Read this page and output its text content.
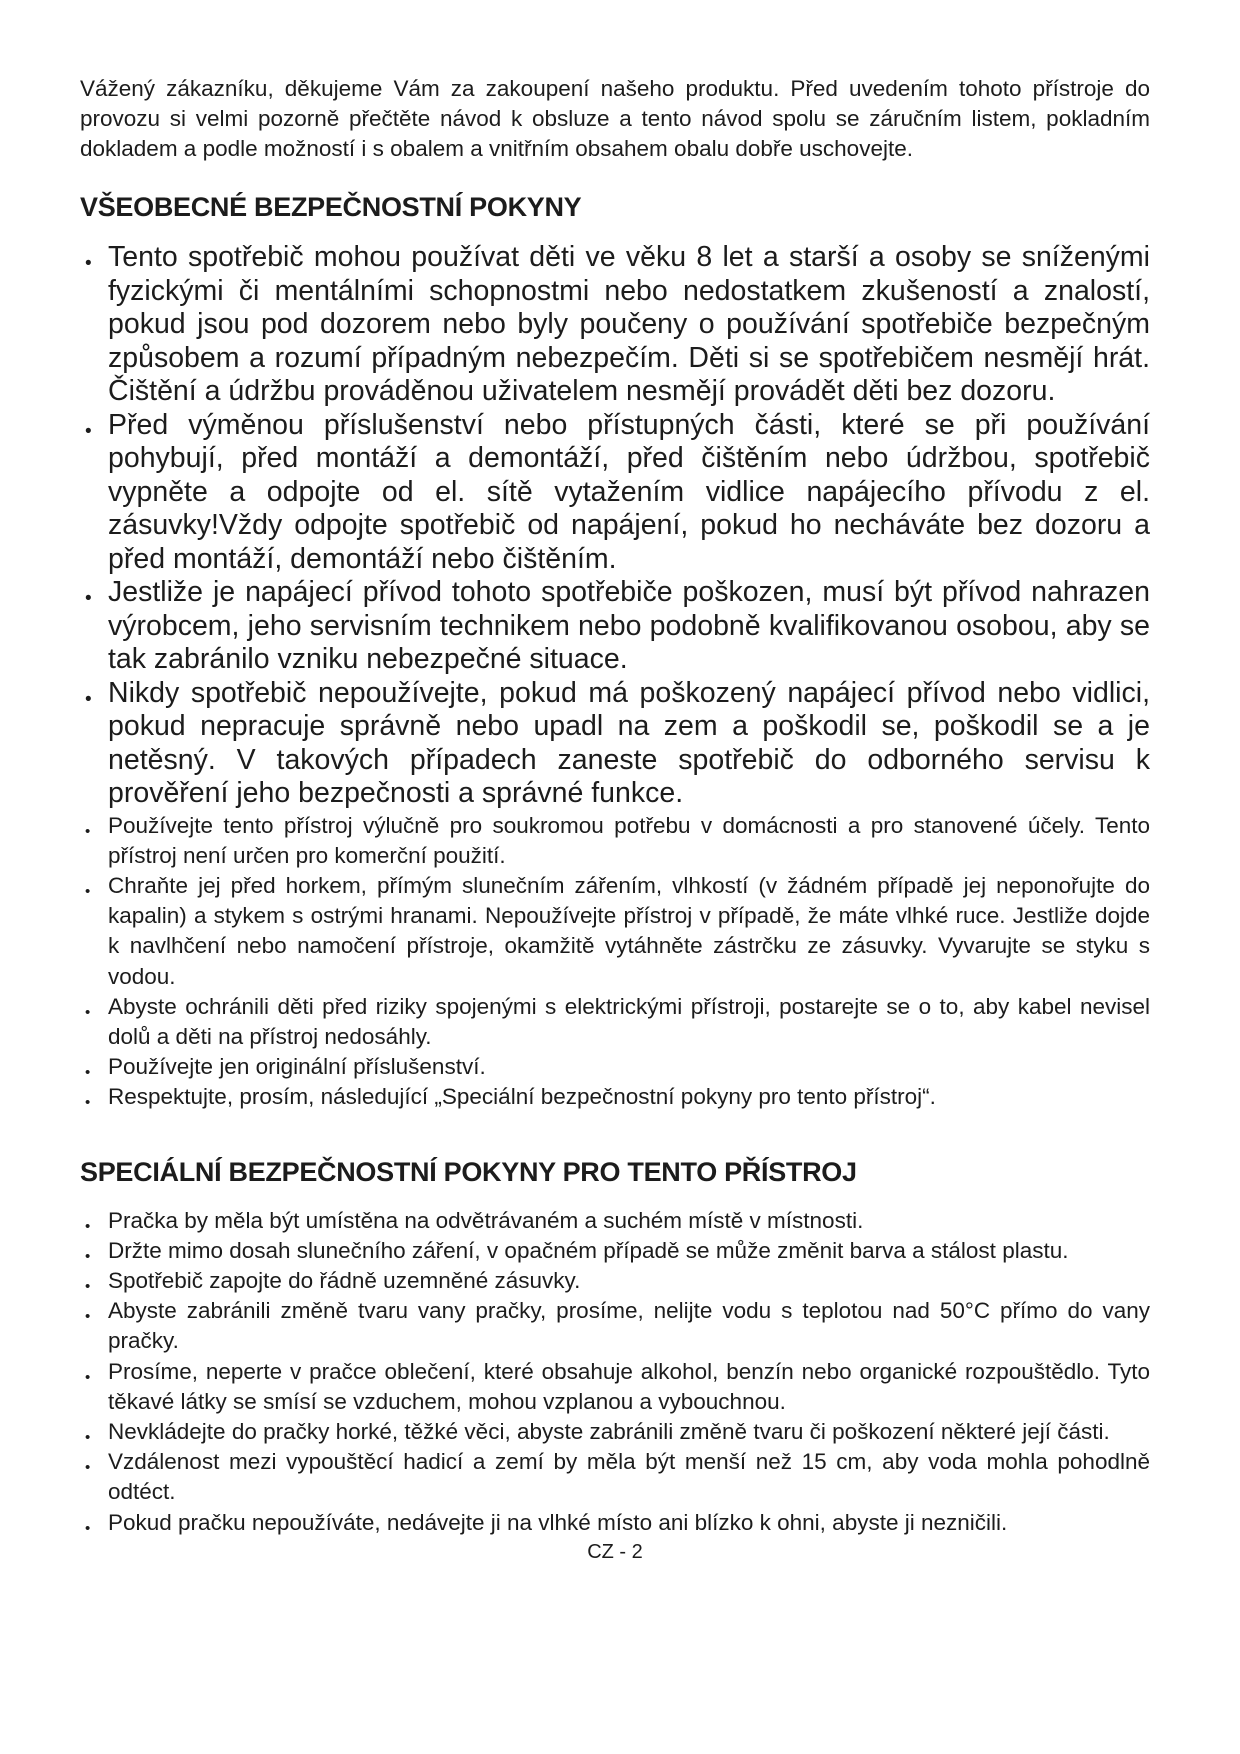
Vážený zákazníku, děkujeme Vám za zakoupení našeho produktu. Před uvedením tohoto přístroje do provozu si velmi pozorně přečtěte návod k obsluze a tento návod spolu se záručním listem, pokladním dokladem a podle možností i s obalem a vnitřním obsahem obalu dobře uschovejte.

VŠEOBECNÉ BEZPEČNOSTNÍ POKYNY
• Tento spotřebič mohou používat děti ve věku 8 let a starší a osoby se sníženými fyzickými či mentálními schopnostmi nebo nedostatkem zkušeností a znalostí, pokud jsou pod dozorem nebo byly poučeny o používání spotřebiče bezpečným způsobem a rozumí případným nebezpečím. Děti si se spotřebičem nesmějí hrát. Čištění a údržbu prováděnou uživatelem nesmějí provádět děti bez dozoru.
• Před výměnou příslušenství nebo přístupných části, které se při používání pohybují, před montáží a demontáží, před čištěním nebo údržbou, spotřebič vypněte a odpojte od el. sítě vytažením vidlice napájecího přívodu z el. zásuvky!Vždy odpojte spotřebič od napájení, pokud ho necháváte bez dozoru a před montáží, demontáží nebo čištěním.
• Jestliže je napájecí přívod tohoto spotřebiče poškozen, musí být přívod nahrazen výrobcem, jeho servisním technikem nebo podobně kvalifikovanou osobou, aby se tak zabránilo vzniku nebezpečné situace.
• Nikdy spotřebič nepoužívejte, pokud má poškozený napájecí přívod nebo vidlici, pokud nepracuje správně nebo upadl na zem a poškodil se, poškodil se a je netěsný. V takových případech zaneste spotřebič do odborného servisu k prověření jeho bezpečnosti a správné funkce.
• Používejte tento přístroj výlučně pro soukromou potřebu v domácnosti a pro stanovené účely. Tento přístroj není určen pro komerční použití.
• Chraňte jej před horkem, přímým slunečním zářením, vlhkostí (v žádném případě jej neponořujte do kapalin) a stykem s ostrými hranami. Nepoužívejte přístroj v případě, že máte vlhké ruce. Jestliže dojde k navlhčení nebo namočení přístroje, okamžitě vytáhněte zástrčku ze zásuvky. Vyvarujte se styku s vodou.
• Abyste ochránili děti před riziky spojenými s elektrickými přístroji, postarejte se o to, aby kabel nevisel dolů a děti na přístroj nedosáhly.
• Používejte jen originální příslušenství.
• Respektujte, prosím, následující „Speciální bezpečnostní pokyny pro tento přístroj“.
SPECIÁLNÍ BEZPEČNOSTNÍ POKYNY PRO TENTO PŘÍSTROJ
• Pračka by měla být umístěna na odvětrávaném a suchém místě v místnosti.
• Držte mimo dosah slunečního záření, v opačném případě se může změnit barva a stálost plastu.
• Spotřebič zapojte do řádně uzemněné zásuvky.
• Abyste zabránili změně tvaru vany pračky, prosíme, nelijte vodu s teplotou nad 50°C přímo do vany pračky.
• Prosíme, neperte v pračce oblečení, které obsahuje alkohol, benzín nebo organické rozpouštědlo. Tyto těkavé látky se smísí se vzduchem, mohou vzplanou a vybouchnou.
• Nevkládejte do pračky horké, těžké věci, abyste zabránili změně tvaru či poškození některé její části.
• Vzdálenost mezi vypouštěcí hadicí a zemí by měla být menší než 15 cm, aby voda mohla pohodlně odtéct.
• Pokud pračku nepoužíváte, nedávejte ji na vlhké místo ani blízko k ohni, abyste ji nezničili.
CZ - 2
